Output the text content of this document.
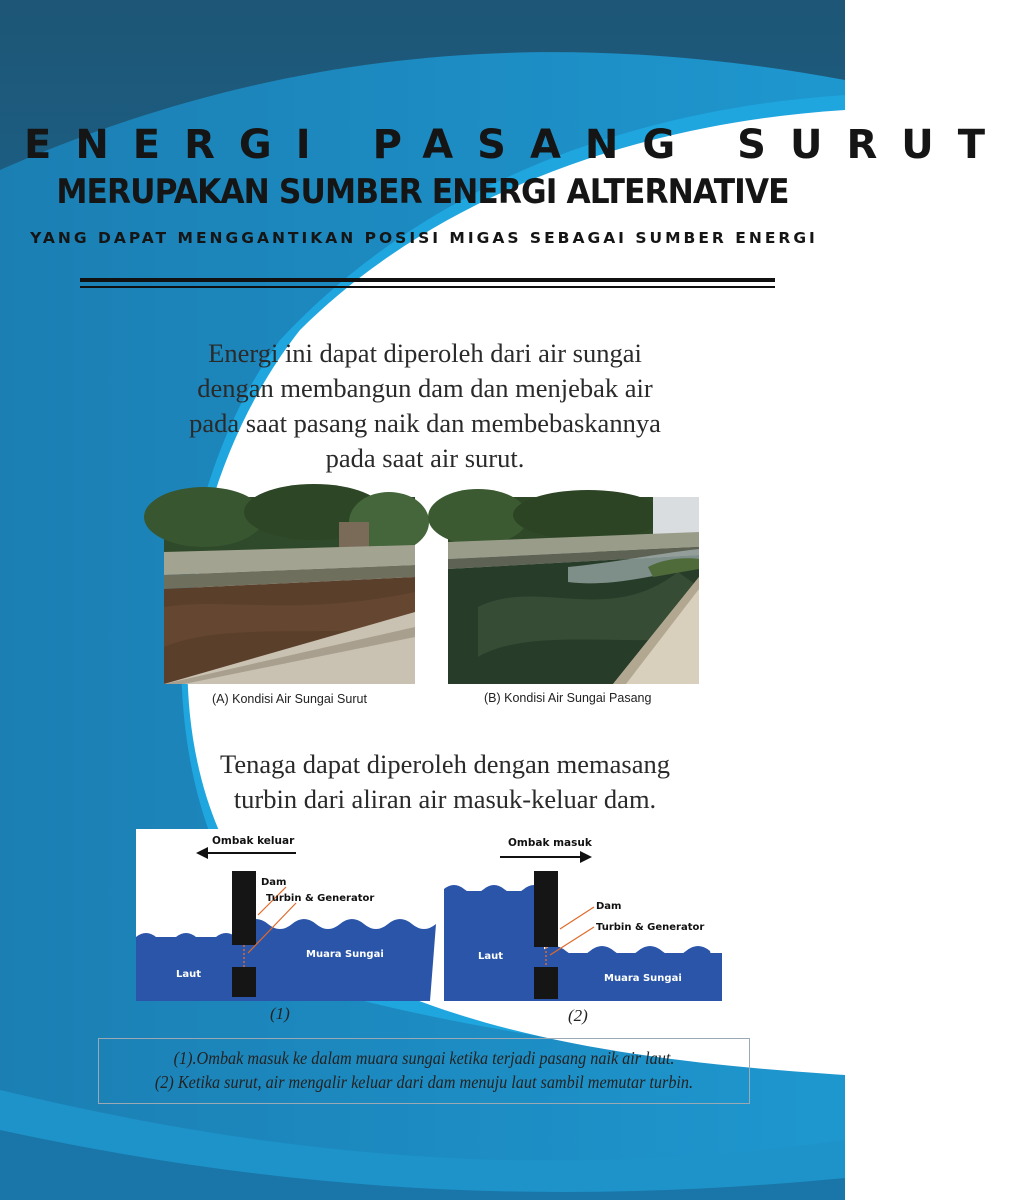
ENERGI PASANG SURUT
MERUPAKAN SUMBER ENERGI ALTERNATIVE
YANG DAPAT MENGGANTIKAN POSISI MIGAS SEBAGAI SUMBER ENERGI
Energi ini dapat diperoleh dari air sungai
dengan membangun dam dan menjebak air
pada saat pasang naik dan membebaskannya
pada saat air surut.
(A) Kondisi Air Sungai Surut	(B) Kondisi Air Sungai Pasang
Tenaga dapat diperoleh dengan memasang
turbin dari aliran air masuk-keluar dam.
Ombak keluar
Dam
Turbin & Generator
Laut
Muara Sungai
Ombak masuk
Dam
Turbin & Generator
Laut
Muara Sungai
(1)	(2)
(1).Ombak masuk ke dalam muara sungai ketika terjadi pasang naik air laut.
(2) Ketika surut, air mengalir keluar dari dam menuju laut sambil memutar turbin.
